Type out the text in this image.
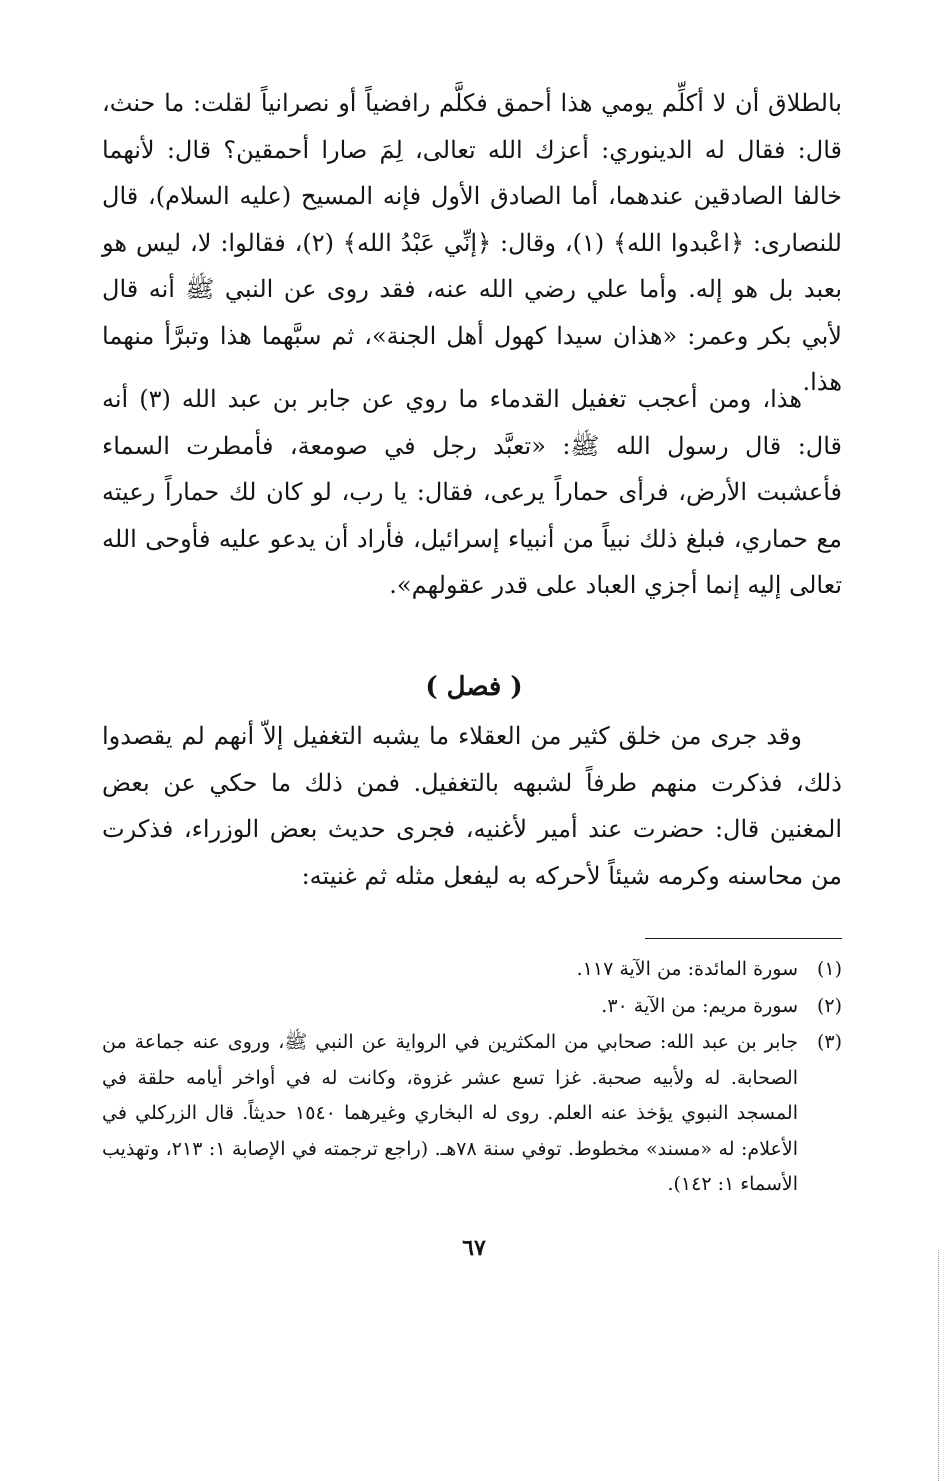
بالطلاق أن لا أكلِّم يومي هذا أحمق فكلَّم رافضياً أو نصرانياً لقلت: ما حنث، قال: فقال له الدينوري: أعزك الله تعالى، لِمَ صارا أحمقين؟ قال: لأنهما خالفا الصادقين عندهما، أما الصادق الأول فإنه المسيح (عليه السلام)، قال للنصارى: ﴿اعْبدوا الله﴾ (١)، وقال: ﴿إنِّي عَبْدُ الله﴾ (٢)، فقالوا: لا، ليس هو بعبد بل هو إله. وأما علي رضي الله عنه، فقد روى عن النبي ﷺ أنه قال لأبي بكر وعمر: «هذان سيدا كهول أهل الجنة»، ثم سبَّهما هذا وتبرَّأ منهما هذا.

هذا، ومن أعجب تغفيل القدماء ما روي عن جابر بن عبد الله (٣) أنه قال: قال رسول الله ﷺ: «تعبَّد رجل في صومعة، فأمطرت السماء فأعشبت الأرض، فرأى حماراً يرعى، فقال: يا رب، لو كان لك حماراً رعيته مع حماري، فبلغ ذلك نبياً من أنبياء إسرائيل، فأراد أن يدعو عليه فأوحى الله تعالى إليه إنما أجزي العباد على قدر عقولهم».

( فصل )

وقد جرى من خلق كثير من العقلاء ما يشبه التغفيل إلاّ أنهم لم يقصدوا ذلك، فذكرت منهم طرفاً لشبهه بالتغفيل. فمن ذلك ما حكي عن بعض المغنين قال: حضرت عند أمير لأغنيه، فجرى حديث بعض الوزراء، فذكرت من محاسنه وكرمه شيئاً لأحركه به ليفعل مثله ثم غنيته:

(١)
سورة المائدة: من الآية ١١٧.
(٢)
سورة مريم: من الآية ٣٠.
(٣)
جابر بن عبد الله: صحابي من المكثرين في الرواية عن النبي ﷺ، وروى عنه جماعة من الصحابة. له ولأبيه صحبة. غزا تسع عشر غزوة، وكانت له في أواخر أيامه حلقة في المسجد النبوي يؤخذ عنه العلم. روى له البخاري وغيرهما ١٥٤٠ حديثاً. قال الزركلي في الأعلام: له «مسند» مخطوط. توفي سنة ٧٨هـ. (راجع ترجمته في الإصابة ١: ٢١٣، وتهذيب الأسماء ١: ١٤٢).
٦٧
